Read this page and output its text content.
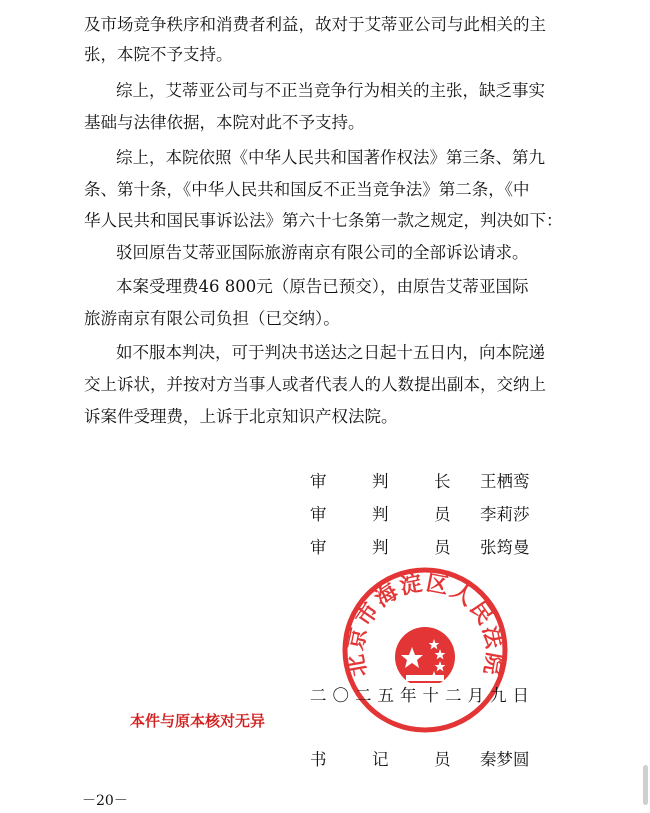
及市场竞争秩序和消费者利益，故对于艾蒂亚公司与此相关的主
张，本院不予支持。
综上，艾蒂亚公司与不正当竞争行为相关的主张，缺乏事实
基础与法律依据，本院对此不予支持。
综上，本院依照《中华人民共和国著作权法》第三条、第九
条、第十条，《中华人民共和国反不正当竞争法》第二条，《中
华人民共和国民事诉讼法》第六十七条第一款之规定，判决如下：
驳回原告艾蒂亚国际旅游南京有限公司的全部诉讼请求。
本案受理费46 800元（原告已预交），由原告艾蒂亚国际
旅游南京有限公司负担（已交纳）。
如不服本判决，可于判决书送达之日起十五日内，向本院递
交上诉状，并按对方当事人或者代表人的人数提出副本，交纳上
诉案件受理费，上诉于北京知识产权法院。
审	判	长	王栖鸾
审	判	员	李莉莎
审	判	员	张筠曼
北京市海淀区人民法院
二〇二五年十二月九日
本件与原本核对无异
书	记	员 秦梦圆
－20－
